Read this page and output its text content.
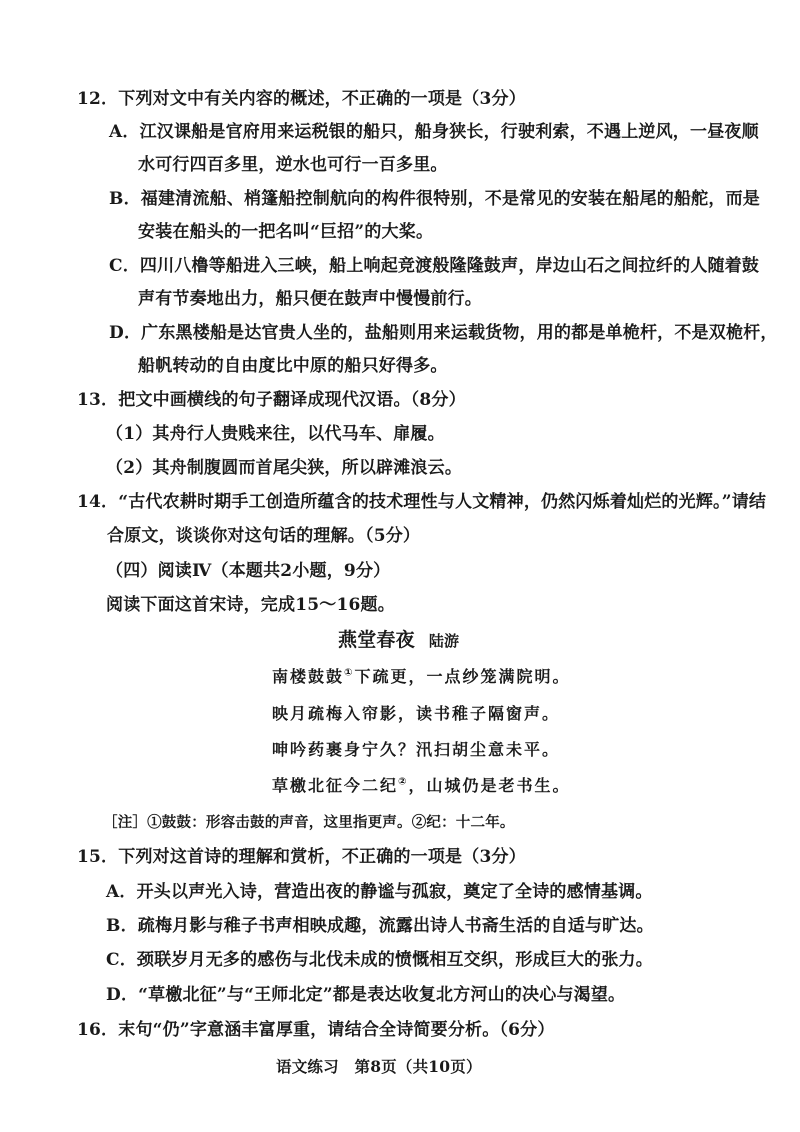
12．下列对文中有关内容的概述，不正确的一项是（3分）
A．江汉课船是官府用来运税银的船只，船身狭长，行驶利索，不遇上逆风，一昼夜顺
水可行四百多里，逆水也可行一百多里。
B．福建清流船、梢篷船控制航向的构件很特别，不是常见的安装在船尾的船舵，而是
安装在船头的一把名叫“巨招”的大桨。
C．四川八橹等船进入三峡，船上响起竞渡般隆隆鼓声，岸边山石之间拉纤的人随着鼓
声有节奏地出力，船只便在鼓声中慢慢前行。
D．广东黑楼船是达官贵人坐的，盐船则用来运载货物，用的都是单桅杆，不是双桅杆，
船帆转动的自由度比中原的船只好得多。
13．把文中画横线的句子翻译成现代汉语。（8分）
（1）其舟行人贵贱来往，以代马车、扉履。
（2）其舟制腹圆而首尾尖狭，所以辟滩浪云。
14．“古代农耕时期手工创造所蕴含的技术理性与人文精神，仍然闪烁着灿烂的光辉。”请结
合原文，谈谈你对这句话的理解。（5分）
（四）阅读Ⅳ（本题共2小题，9分）
阅读下面这首宋诗，完成15～16题。
燕堂春夜 陆游
南楼鼓鼓①下疏更，一点纱笼满院明。
映月疏梅入帘影，读书稚子隔窗声。
呻吟药裹身宁久？汛扫胡尘意未平。
草檄北征今二纪②，山城仍是老书生。
［注］①鼓鼓：形容击鼓的声音，这里指更声。②纪：十二年。
15．下列对这首诗的理解和赏析，不正确的一项是（3分）
A．开头以声光入诗，营造出夜的静谧与孤寂，奠定了全诗的感情基调。
B．疏梅月影与稚子书声相映成趣，流露出诗人书斋生活的自适与旷达。
C．颈联岁月无多的感伤与北伐未成的愤慨相互交织，形成巨大的张力。
D．“草檄北征”与“王师北定”都是表达收复北方河山的决心与渴望。
16．末句“仍”字意涵丰富厚重，请结合全诗简要分析。（6分）
语文练习　第8页（共10页）
